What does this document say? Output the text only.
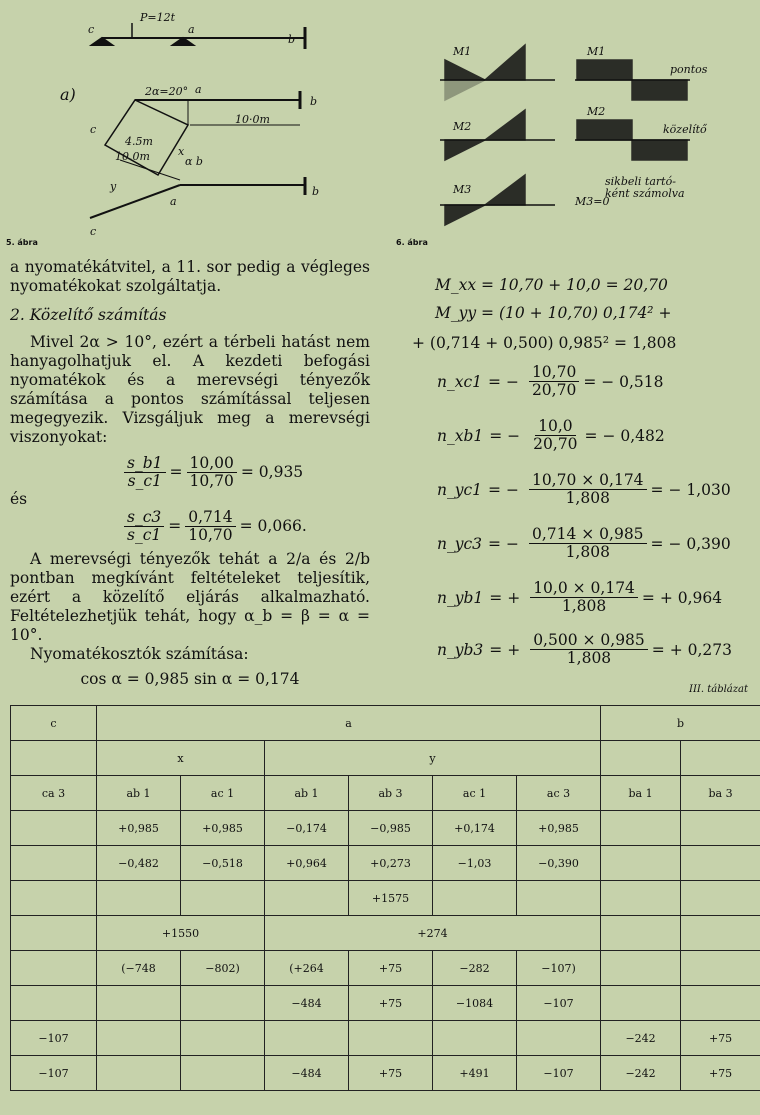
P=12t
c	a
b
a)	2α=20° a
b
10·0m
c
4.5m
10.0m	α b
b
a
c
y
x
5. ábra
pontos
közelítő
sikbeli tartó-
ként számolva
M3=0
M1
M2
M3
M1
M2
6. ábra

a nyomatékátvitel, a 11. sor pedig a végleges nyomatékokat szolgáltatja.

2. Közelítő számítás

Mivel 2α > 10°, ezért a térbeli hatást nem hanyagolhatjuk el. A kezdeti befogási nyomatékok és a merevségi tényezők számítása a pontos számítással teljesen megegyezik. Vizsgáljuk meg a merevségi viszonyokat:

$\frac{s\_b1}{s\_c1} = \frac{10,00}{10,70} = 0,935$

és

$\frac{s\_c3}{s\_c1} = \frac{0,714}{10,70} = 0,066$.

A merevségi tényezők tehát a 2/a és 2/b pontban megkívánt feltételeket teljesítik, ezért a közelítő eljárás alkalmazható. Feltételezhetjük tehát, hogy α_b = β = α = 10°.

Nyomatékosztók számítása:

cos α = 0,985 sin α = 0,174

M_xx = 10,70 + 10,0 = 20,70
M_yy = (10 + 10,70) 0,174² +
+ (0,714 + 0,500) 0,985² = 1,808
n_xc1 = − $\frac{10,70}{20,70}$ = − 0,518
n_xb1 = − $\frac{10,0}{20,70}$ = − 0,482
n_yc1 = − $\frac{10,70 \times 0,174}{1,808}$ = − 1,030
n_yc3 = − $\frac{0,714 \times 0,985}{1,808}$ = − 0,390
n_yb1 = + $\frac{10,0 \times 0,174}{1,808}$ = + 0,964
n_yb3 = + $\frac{0,500 \times 0,985}{1,808}$ = + 0,273
III. táblázat
c	a						b	
	x		y					
ca 3	ab 1	ac 1	ab 1	ab 3	ac 1	ac 3	ba 1	ba 3
	+0,985	+0,985	−0,174	−0,985	+0,174	+0,985		
	−0,482	−0,518	+0,964	+0,273	−1,03	−0,390		
				+1575				
	+1550		+274					
	(−748	−802)	(+264	+75	−282	−107)		
			−484	+75	−1084	−107		
−107							−242	+75
−107			−484	+75	+491	−107	−242	+75
